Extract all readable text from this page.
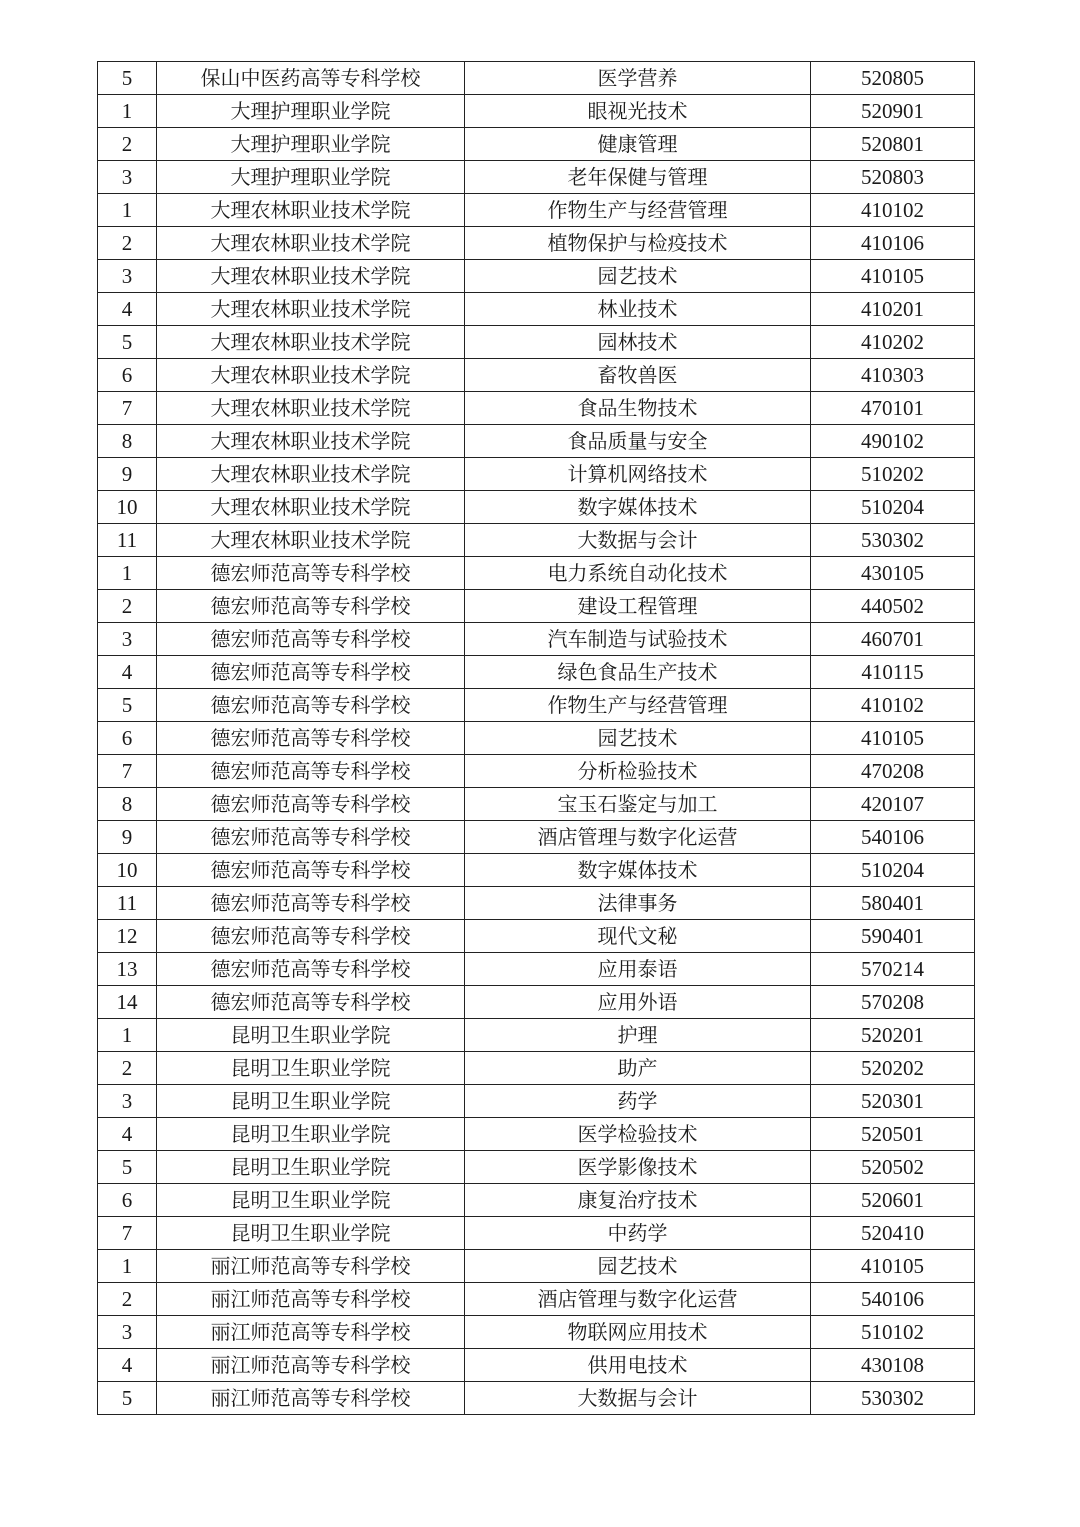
5	保山中医药高等专科学校	医学营养	520805
1	大理护理职业学院	眼视光技术	520901
2	大理护理职业学院	健康管理	520801
3	大理护理职业学院	老年保健与管理	520803
1	大理农林职业技术学院	作物生产与经营管理	410102
2	大理农林职业技术学院	植物保护与检疫技术	410106
3	大理农林职业技术学院	园艺技术	410105
4	大理农林职业技术学院	林业技术	410201
5	大理农林职业技术学院	园林技术	410202
6	大理农林职业技术学院	畜牧兽医	410303
7	大理农林职业技术学院	食品生物技术	470101
8	大理农林职业技术学院	食品质量与安全	490102
9	大理农林职业技术学院	计算机网络技术	510202
10	大理农林职业技术学院	数字媒体技术	510204
11	大理农林职业技术学院	大数据与会计	530302
1	德宏师范高等专科学校	电力系统自动化技术	430105
2	德宏师范高等专科学校	建设工程管理	440502
3	德宏师范高等专科学校	汽车制造与试验技术	460701
4	德宏师范高等专科学校	绿色食品生产技术	410115
5	德宏师范高等专科学校	作物生产与经营管理	410102
6	德宏师范高等专科学校	园艺技术	410105
7	德宏师范高等专科学校	分析检验技术	470208
8	德宏师范高等专科学校	宝玉石鉴定与加工	420107
9	德宏师范高等专科学校	酒店管理与数字化运营	540106
10	德宏师范高等专科学校	数字媒体技术	510204
11	德宏师范高等专科学校	法律事务	580401
12	德宏师范高等专科学校	现代文秘	590401
13	德宏师范高等专科学校	应用泰语	570214
14	德宏师范高等专科学校	应用外语	570208
1	昆明卫生职业学院	护理	520201
2	昆明卫生职业学院	助产	520202
3	昆明卫生职业学院	药学	520301
4	昆明卫生职业学院	医学检验技术	520501
5	昆明卫生职业学院	医学影像技术	520502
6	昆明卫生职业学院	康复治疗技术	520601
7	昆明卫生职业学院	中药学	520410
1	丽江师范高等专科学校	园艺技术	410105
2	丽江师范高等专科学校	酒店管理与数字化运营	540106
3	丽江师范高等专科学校	物联网应用技术	510102
4	丽江师范高等专科学校	供用电技术	430108
5	丽江师范高等专科学校	大数据与会计	530302
